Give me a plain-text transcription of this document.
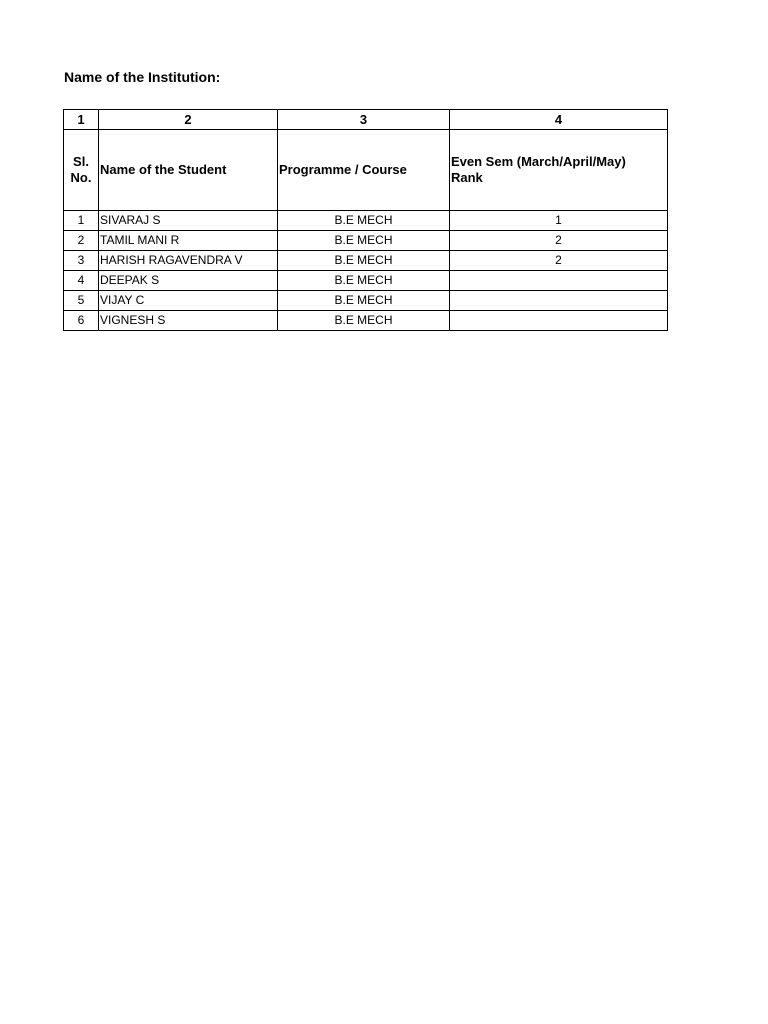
Name of the Institution:
1	2	3	4
Sl.
No.	Name of the Student	Programme / Course	Even Sem (March/April/May) Rank
1	SIVARAJ S	B.E MECH	1
2	TAMIL MANI R	B.E MECH	2
3	HARISH RAGAVENDRA V	B.E MECH	2
4	DEEPAK S	B.E MECH	
5	VIJAY C	B.E MECH	
6	VIGNESH S	B.E MECH	
